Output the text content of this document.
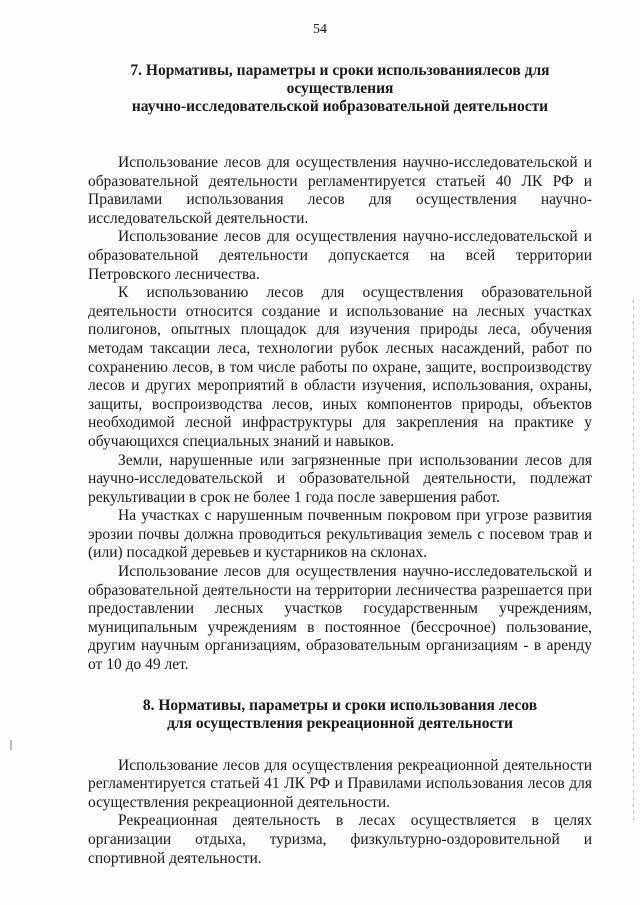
54
7. Нормативы, параметры и сроки использованиялесов для осуществления
научно-исследовательской иобразовательной деятельности

Использование лесов для осуществления научно-исследовательской и образовательной деятельности регламентируется статьей 40 ЛК РФ и Правилами использования лесов для осуществления научно-исследовательской деятельности.

Использование лесов для осуществления научно-исследовательской и образовательной деятельности допускается на всей территории Петровского лесничества.

К использованию лесов для осуществления образовательной деятельности относится создание и использование на лесных участках полигонов, опытных площадок для изучения природы леса, обучения методам таксации леса, технологии рубок лесных насаждений, работ по сохранению лесов, в том числе работы по охране, защите, воспроизводству лесов и других мероприятий в области изучения, использования, охраны, защиты, воспроизводства лесов, иных компонентов природы, объектов необходимой лесной инфраструктуры для закрепления на практике у обучающихся специальных знаний и навыков.

Земли, нарушенные или загрязненные при использовании лесов для научно-исследовательской и образовательной деятельности, подлежат рекультивации в срок не более 1 года после завершения работ.

На участках с нарушенным почвенным покровом при угрозе развития эрозии почвы должна проводиться рекультивация земель с посевом трав и (или) посадкой деревьев и кустарников на склонах.

Использование лесов для осуществления научно-исследовательской и образовательной деятельности на территории лесничества разрешается при предоставлении лесных участков государственным учреждениям, муниципальным учреждениям в постоянное (бессрочное) пользование, другим научным организациям, образовательным организациям - в аренду от 10 до 49 лет.

8. Нормативы, параметры и сроки использования лесов
для осуществления рекреационной деятельности

Использование лесов для осуществления рекреационной деятельности регламентируется статьей 41 ЛК РФ и Правилами использования лесов для осуществления рекреационной деятельности.

Рекреационная деятельность в лесах осуществляется в целях организации отдыха, туризма, физкультурно-оздоровительной и спортивной деятельности.
